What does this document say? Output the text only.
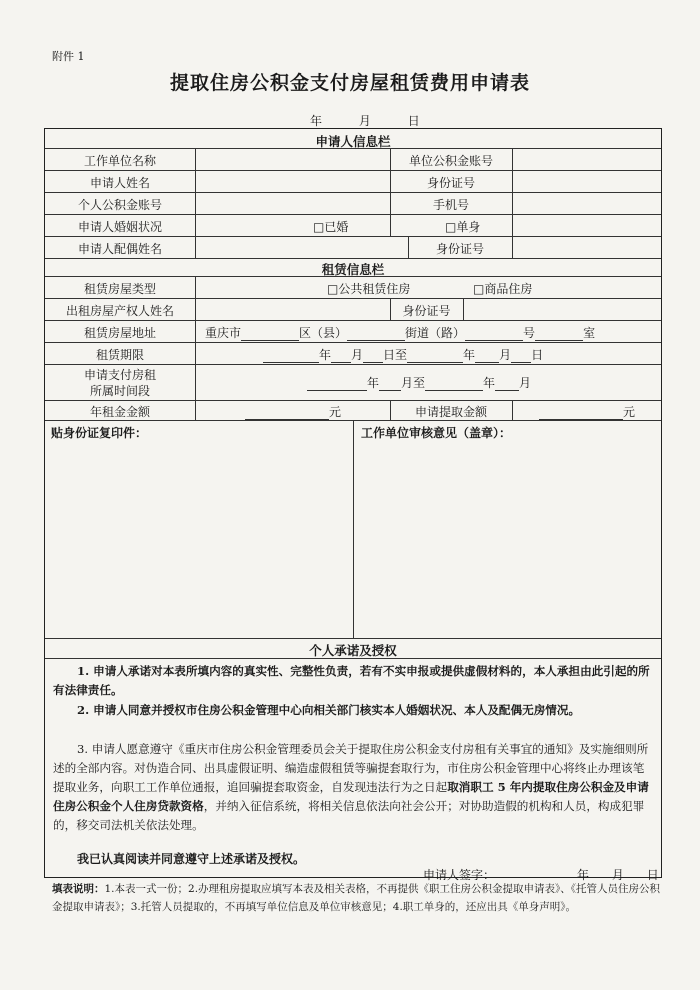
附件 1
提取住房公积金支付房屋租赁费用申请表
年      月      日
申请人信息栏
工作单位名称	单位公积金账号
申请人姓名	身份证号
个人公积金账号	手机号
申请人婚姻状况	□已婚	□单身
申请人配偶姓名	身份证号
租赁信息栏
租赁房屋类型	□公共租赁住房	□商品住房
出租房屋产权人姓名	身份证号
租赁房屋地址	重庆市	区（县）	街道（路）	号	室
租赁期限	年 月 日至	年 月 日
申请支付房租
所属时间段
年 月至	年 月
年租金金额	元	申请提取金额	元
贴身份证复印件：	工作单位审核意见（盖章）：
个人承诺及授权
1. 申请人承诺对本表所填内容的真实性、完整性负责，若有不实申报或提供虚假材料的，本人承担由此引起的所有法律责任。
2. 申请人同意并授权市住房公积金管理中心向相关部门核实本人婚姻状况、本人及配偶无房情况。
3. 申请人愿意遵守《重庆市住房公积金管理委员会关于提取住房公积金支付房租有关事宜的通知》及实施细则所述的全部内容。对伪造合同、出具虚假证明、编造虚假租赁等骗提套取行为，市住房公积金管理中心将终止办理该笔提取业务，向职工工作单位通报，追回骗提套取资金，自发现违法行为之日起取消职工 5 年内提取住房公积金及申请住房公积金个人住房贷款资格，并纳入征信系统，将相关信息依法向社会公开；对协助造假的机构和人员，构成犯罪的，移交司法机关依法处理。
我已认真阅读并同意遵守上述承诺及授权。
申请人签字：	年      月      日
填表说明：1.本表一式一份；2.办理租房提取应填写本表及相关表格，不再提供《职工住房公积金提取申请表》、《托管人员住房公积金提取申请表》；3.托管人员提取的，不再填写单位信息及单位审核意见；4.职工单身的，还应出具《单身声明》。
